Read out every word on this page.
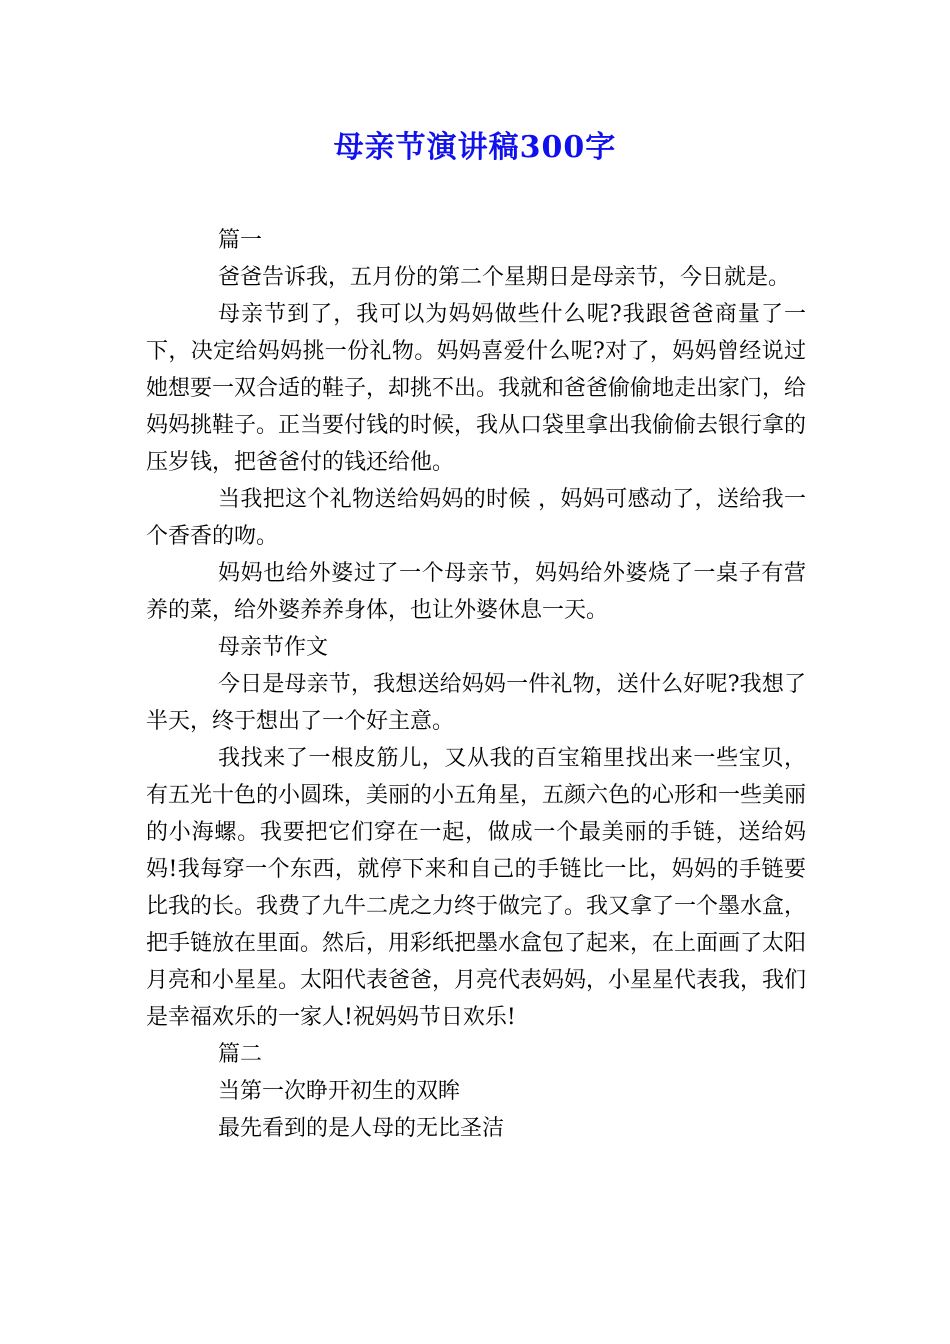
母亲节演讲稿300字

篇一

爸爸告诉我，五月份的第二个星期日是母亲节，今日就是。

母亲节到了，我可以为妈妈做些什么呢?我跟爸爸商量了一下，决定给妈妈挑一份礼物。妈妈喜爱什么呢?对了，妈妈曾经说过她想要一双合适的鞋子，却挑不出。我就和爸爸偷偷地走出家门，给妈妈挑鞋子。正当要付钱的时候，我从口袋里拿出我偷偷去银行拿的压岁钱，把爸爸付的钱还给他。

当我把这个礼物送给妈妈的时候 ，妈妈可感动了，送给我一个香香的吻。

妈妈也给外婆过了一个母亲节，妈妈给外婆烧了一桌子有营养的菜，给外婆养养身体，也让外婆休息一天。

母亲节作文

今日是母亲节，我想送给妈妈一件礼物，送什么好呢?我想了半天，终于想出了一个好主意。

我找来了一根皮筋儿，又从我的百宝箱里找出来一些宝贝，有五光十色的小圆珠，美丽的小五角星，五颜六色的心形和一些美丽的小海螺。我要把它们穿在一起，做成一个最美丽的手链，送给妈妈!我每穿一个东西，就停下来和自己的手链比一比，妈妈的手链要比我的长。我费了九牛二虎之力终于做完了。我又拿了一个墨水盒，把手链放在里面。然后，用彩纸把墨水盒包了起来，在上面画了太阳月亮和小星星。太阳代表爸爸，月亮代表妈妈，小星星代表我，我们是幸福欢乐的一家人!祝妈妈节日欢乐!

篇二

当第一次睁开初生的双眸

最先看到的是人母的无比圣洁
